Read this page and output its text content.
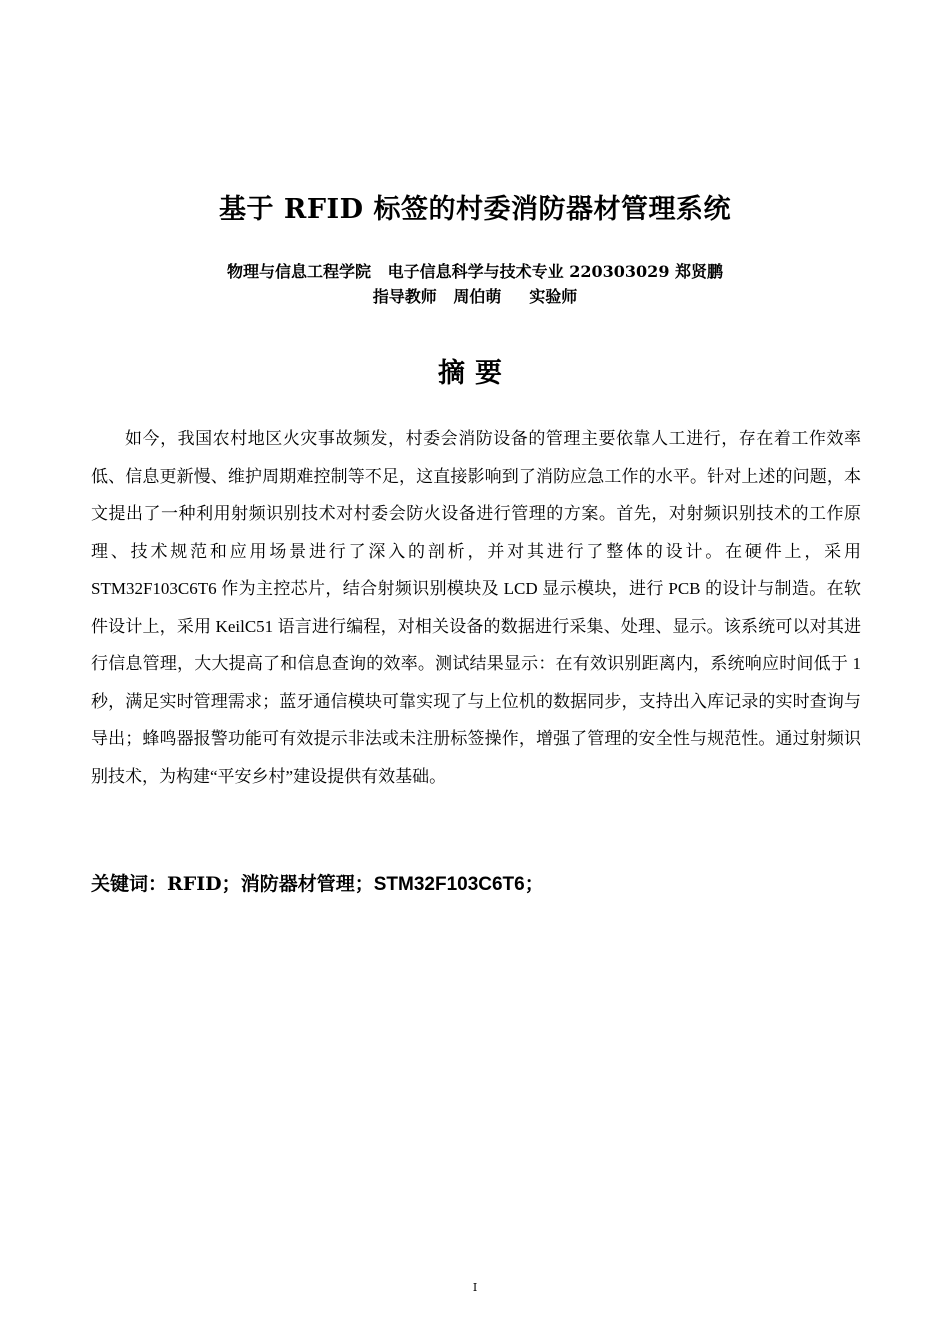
基于 RFID 标签的村委消防器材管理系统
物理与信息工程学院   电子信息科学与技术专业 220303029 郑贤鹏
指导教师   周伯萌     实验师
摘要

如今，我国农村地区火灾事故频发，村委会消防设备的管理主要依靠人工进行，存在着工作效率低、信息更新慢、维护周期难控制等不足，这直接影响到了消防应急工作的水平。针对上述的问题，本文提出了一种利用射频识别技术对村委会防火设备进行管理的方案。首先，对射频识别技术的工作原理、技术规范和应用场景进行了深入的剖析，并对其进行了整体的设计。在硬件上，采用 STM32F103C6T6 作为主控芯片，结合射频识别模块及 LCD 显示模块，进行 PCB 的设计与制造。在软件设计上，采用 KeilC51 语言进行编程，对相关设备的数据进行采集、处理、显示。该系统可以对其进行信息管理，大大提高了和信息查询的效率。测试结果显示：在有效识别距离内，系统响应时间低于 1 秒，满足实时管理需求；蓝牙通信模块可靠实现了与上位机的数据同步，支持出入库记录的实时查询与导出；蜂鸣器报警功能可有效提示非法或未注册标签操作，增强了管理的安全性与规范性。通过射频识别技术，为构建“平安乡村”建设提供有效基础。

关键词：RFID；消防器材管理；STM32F103C6T6；
I
